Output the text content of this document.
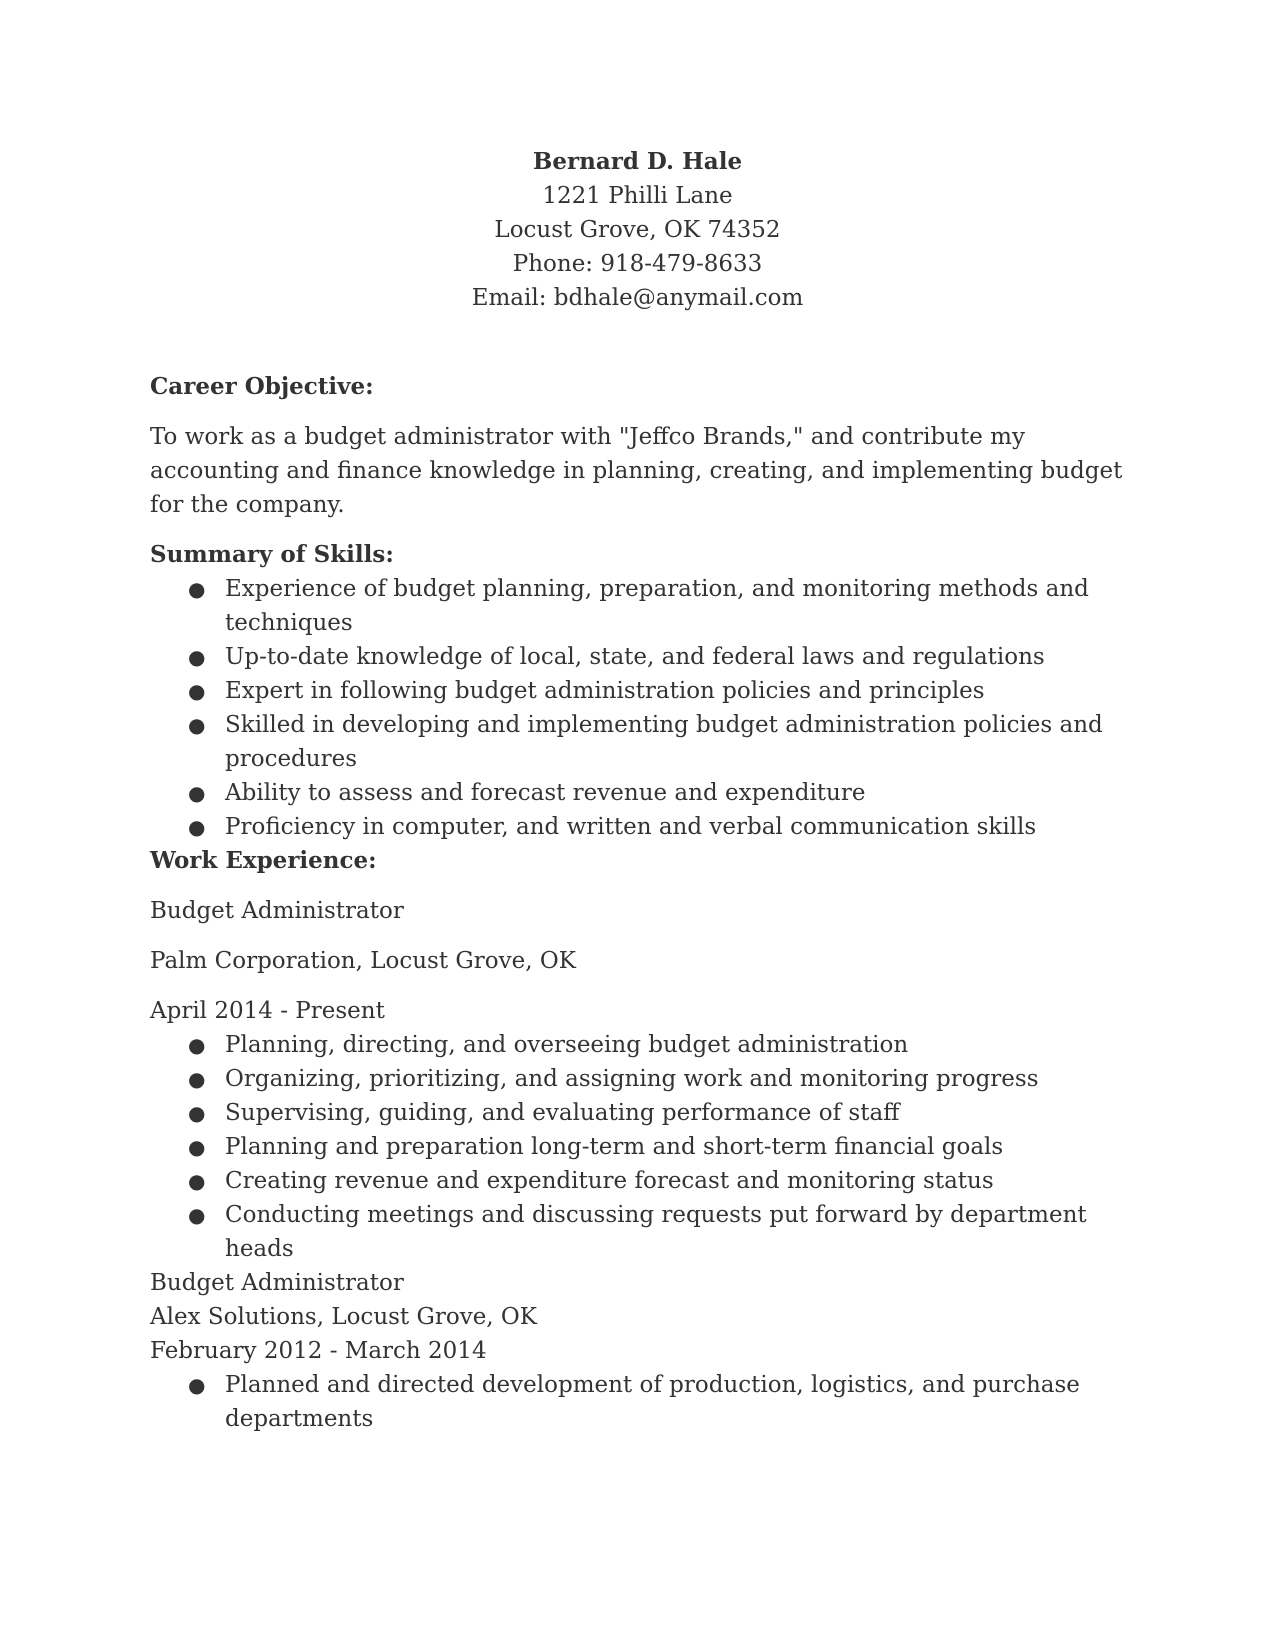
Bernard D. Hale
1221 Philli Lane
Locust Grove, OK 74352
Phone: 918-479-8633
Email: bdhale@anymail.com

Career Objective:

To work as a budget administrator with "Jeffco Brands," and contribute my accounting and finance knowledge in planning, creating, and implementing budget for the company.

Summary of Skills:

● Experience of budget planning, preparation, and monitoring methods and techniques
● Up-to-date knowledge of local, state, and federal laws and regulations
● Expert in following budget administration policies and principles
● Skilled in developing and implementing budget administration policies and procedures
● Ability to assess and forecast revenue and expenditure
● Proficiency in computer, and written and verbal communication skills

Work Experience:

Budget Administrator

Palm Corporation, Locust Grove, OK

April 2014 - Present

● Planning, directing, and overseeing budget administration
● Organizing, prioritizing, and assigning work and monitoring progress
● Supervising, guiding, and evaluating performance of staff
● Planning and preparation long-term and short-term financial goals
● Creating revenue and expenditure forecast and monitoring status
● Conducting meetings and discussing requests put forward by department heads

Budget Administrator

Alex Solutions, Locust Grove, OK

February 2012 - March 2014

● Planned and directed development of production, logistics, and purchase departments
